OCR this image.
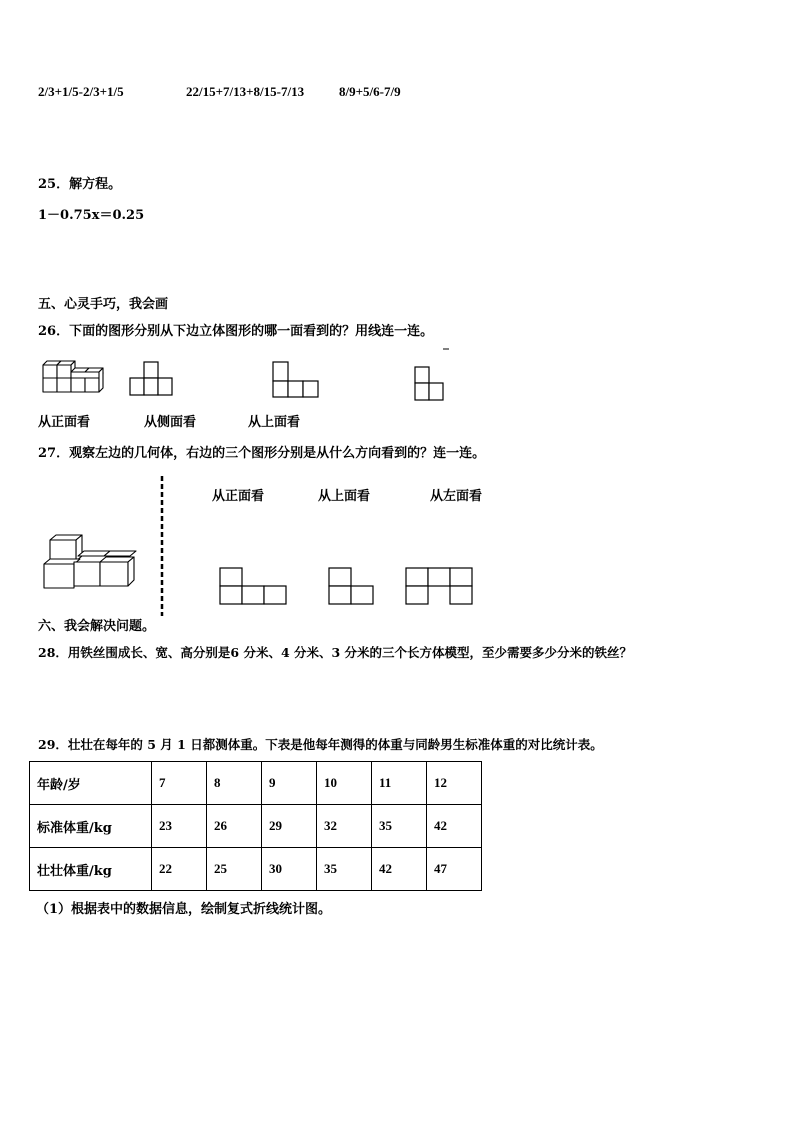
2/3+1/5-2/3+1/5	22/15+7/13+8/15-7/13	8/9+5/6-7/9
25．解方程。
1－0.75x＝0.25
五、心灵手巧，我会画
26．下面的图形分别从下边立体图形的哪一面看到的？用线连一连。
从正面看	从侧面看	从上面看
27．观察左边的几何体，右边的三个图形分别是从什么方向看到的？连一连。
从正面看	从上面看	从左面看
六、我会解决问题。
28．用铁丝围成长、宽、高分别是6 分米、4 分米、3 分米的三个长方体模型，至少需要多少分米的铁丝？
29．壮壮在每年的 5 月 1 日都测体重。下表是他每年测得的体重与同龄男生标准体重的对比统计表。
年龄/岁	7	8	9	10	11	12
标准体重/kg	23	26	29	32	35	42
壮壮体重/kg	22	25	30	35	42	47
（1）根据表中的数据信息，绘制复式折线统计图。
